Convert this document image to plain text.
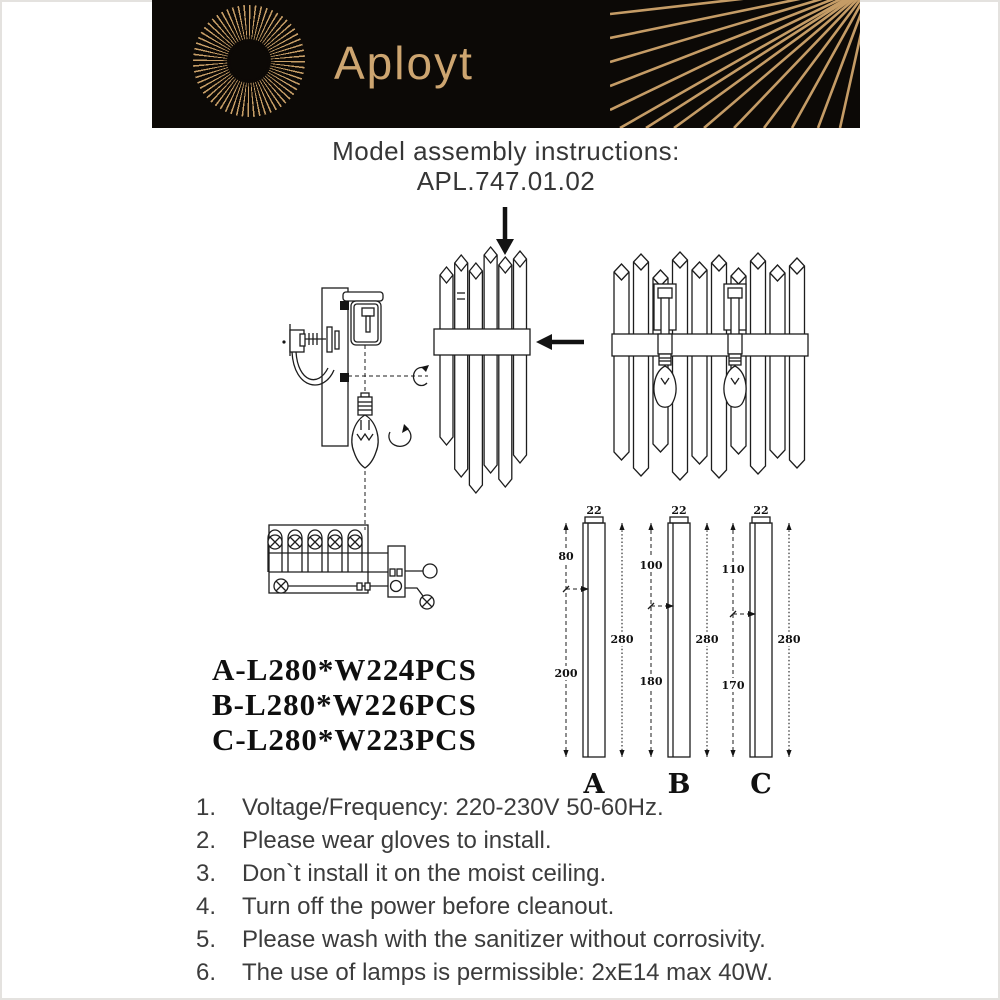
Aployt
Model assembly instructions:
APL.747.01.02
22
80
200
280
A
22
100
180
280
B
22
110
170
280
C
A-L280*W22 4PCS
B-L280*W22 6PCS
C-L280*W22 3PCS
1.	Voltage/Frequency: 220-230V 50-60Hz.
2.	Please wear gloves to install.
3.	Don`t install it on the moist ceiling.
4.	Turn off the power before cleanout.
5.	Please wash with the sanitizer without corrosivity.
6.	The use of lamps is permissible: 2xE14 max 40W.
